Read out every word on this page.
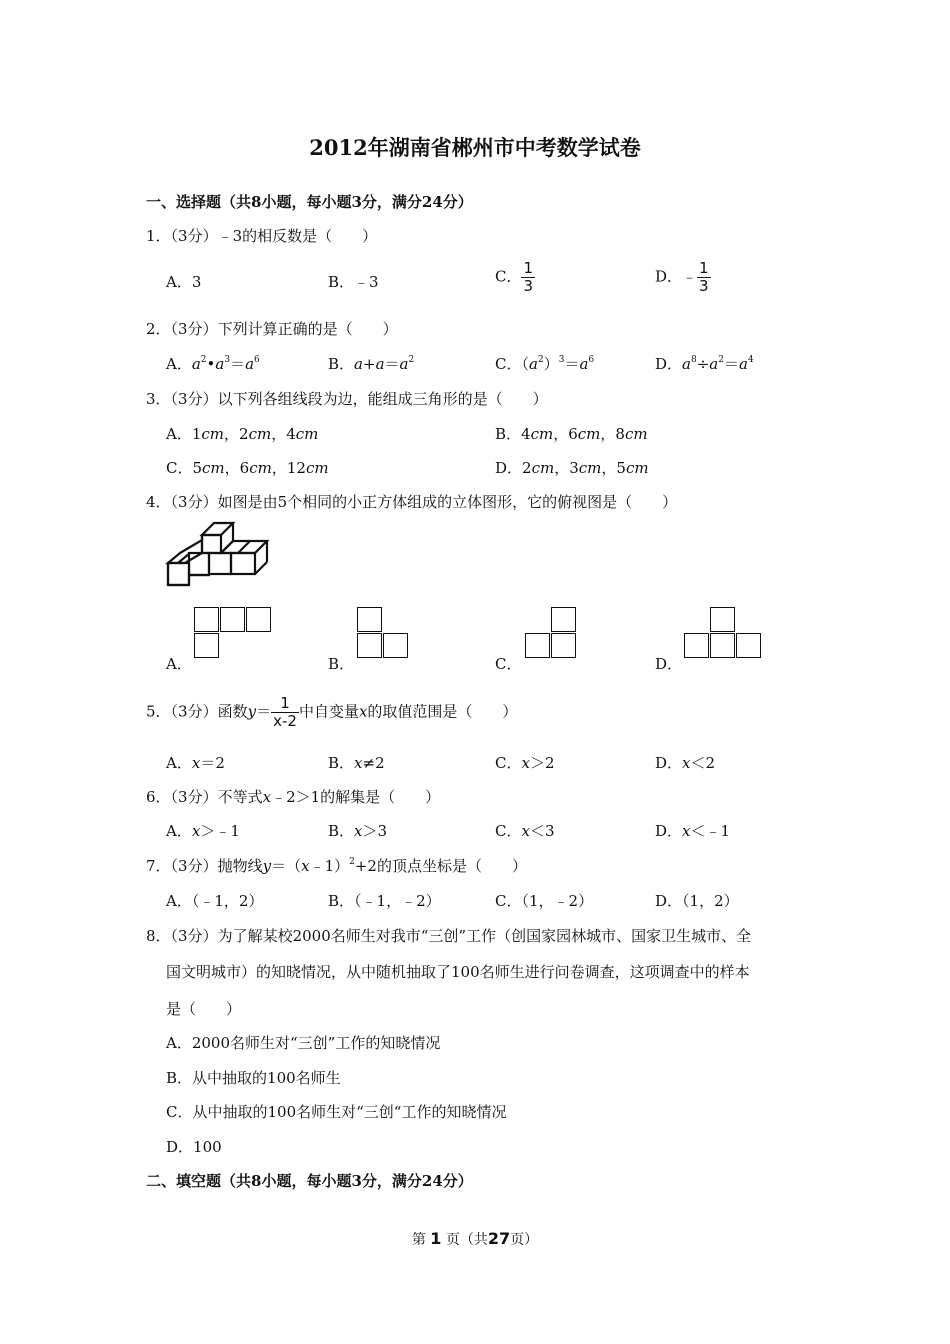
2012年湖南省郴州市中考数学试卷
一、选择题（共8小题，每小题3分，满分24分）
1．（3分）﹣3的相反数是（　　）
A．3	B．﹣3	C． $\frac{1}{3}$	D．﹣ $\frac{1}{3}$
2．（3分）下列计算正确的是（　　）
A．$a^2•a^3=a^6$	B．$a+a=a^2$	C．$(a^2)^3=a^6$	D．$a^8\div a^2=a^4$
3．（3分）以下列各组线段为边，能组成三角形的是（　　）
A．1cm，2cm，4cm	B．4cm，6cm，8cm
C．5cm，6cm，12cm	D．2cm，3cm，5cm
4．（3分）如图是由5个相同的小正方体组成的立体图形，它的俯视图是（　　）
A．	B．	C．	D．
5．（3分）函数$y= \frac{1}{x-2}$ 中自变量x的取值范围是（　　）
A．x＝2	B．x≠2	C．x＞2	D．x＜2
6．（3分）不等式x﹣2＞1的解集是（　　）
A．x＞﹣1	B．x＞3	C．x＜3	D．x＜﹣1
7．（3分）抛物线y＝（x﹣1）$^2$+2的顶点坐标是（　　）
A．（﹣1，2）	B．（﹣1，﹣2）	C．（1，﹣2）	D．（1，2）
8．（3分）为了解某校2000名师生对我市“三创”工作（创国家园林城市、国家卫生城市、全
国文明城市）的知晓情况，从中随机抽取了100名师生进行问卷调查，这项调查中的样本
是（　　）
A．2000名师生对“三创”工作的知晓情况
B．从中抽取的100名师生
C．从中抽取的100名师生对“三创“工作的知晓情况
D．100
二、填空题（共8小题，每小题3分，满分24分）
第 1 页（共27页）
